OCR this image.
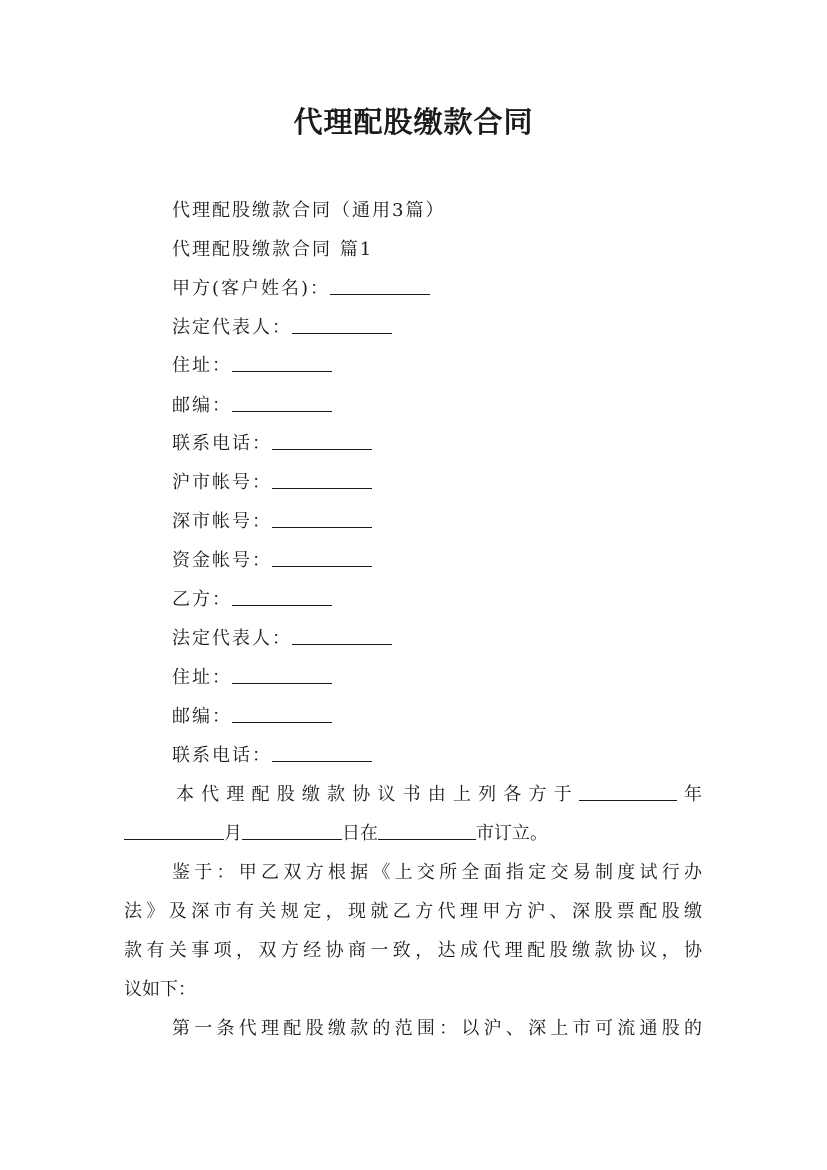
代理配股缴款合同
代理配股缴款合同（通用3篇）
代理配股缴款合同 篇1
甲方(客户姓名)：
法定代表人：
住址：
邮编：
联系电话：
沪市帐号：
深市帐号：
资金帐号：
乙方：
法定代表人：
住址：
邮编：
联系电话：
本代理配股缴款协议书由上列各方于	年
月	日在	市订立。
鉴于：甲乙双方根据《上交所全面指定交易制度试行办
法》及深市有关规定，现就乙方代理甲方沪、深股票配股缴
款有关事项，双方经协商一致，达成代理配股缴款协议，协
议如下：
第一条代理配股缴款的范围：以沪、深上市可流通股的
